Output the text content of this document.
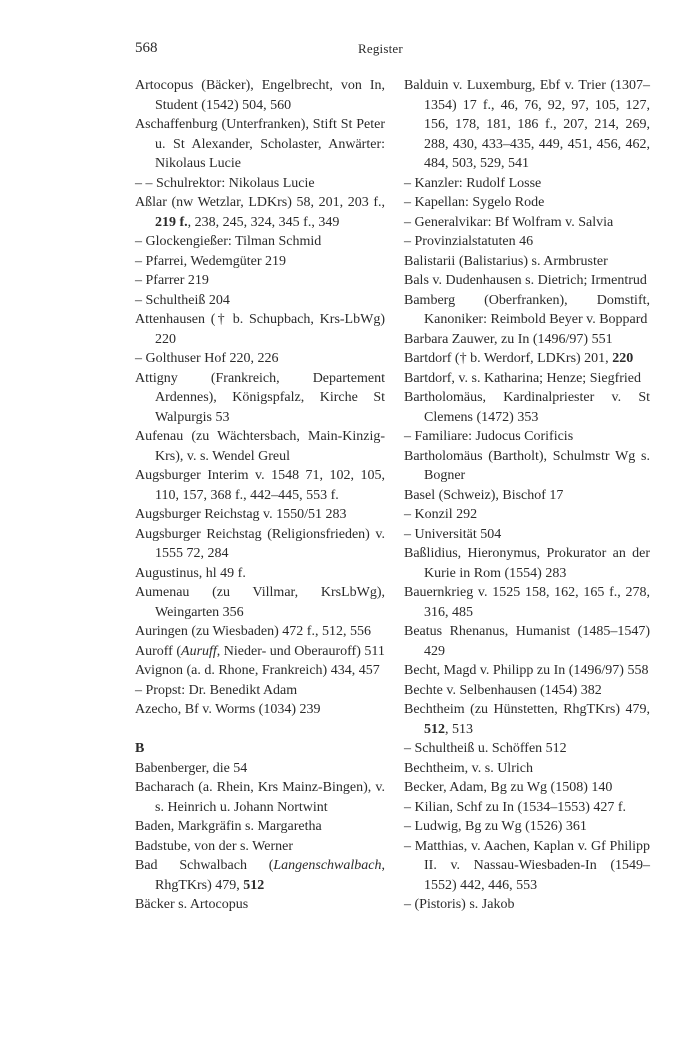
568	Register

Artocopus (Bäcker), Engelbrecht, von In, Student (1542) 504, 560

Aschaffenburg (Unterfranken), Stift St Peter u. St Alexander, Scholaster, Anwärter: Nikolaus Lucie

– – Schulrektor: Nikolaus Lucie

Aßlar (nw Wetzlar, LDKrs) 58, 201, 203 f., 219 f., 238, 245, 324, 345 f., 349

– Glockengießer: Tilman Schmid

– Pfarrei, Wedemgüter 219

– Pfarrer 219

– Schultheiß 204

Attenhausen († b. Schupbach, Krs-LbWg) 220

– Golthuser Hof 220, 226

Attigny (Frankreich, Departement Ardennes), Königspfalz, Kirche St Walpurgis 53

Aufenau (zu Wächtersbach, Main-Kinzig-Krs), v. s. Wendel Greul

Augsburger Interim v. 1548 71, 102, 105, 110, 157, 368 f., 442–445, 553 f.

Augsburger Reichstag v. 1550/51 283

Augsburger Reichstag (Religionsfrieden) v. 1555 72, 284

Augustinus, hl 49 f.

Aumenau (zu Villmar, KrsLbWg), Weingarten 356

Auringen (zu Wiesbaden) 472 f., 512, 556

Auroff (Auruff, Nieder- und Oberauroff) 511

Avignon (a. d. Rhone, Frankreich) 434, 457

– Propst: Dr. Benedikt Adam

Azecho, Bf v. Worms (1034) 239

B

Babenberger, die 54

Bacharach (a. Rhein, Krs Mainz-Bingen), v. s. Heinrich u. Johann Nortwint

Baden, Markgräfin s. Margaretha

Badstube, von der s. Werner

Bad Schwalbach (Langenschwalbach, RhgTKrs) 479, 512

Bäcker s. Artocopus

Balduin v. Luxemburg, Ebf v. Trier (1307–1354) 17 f., 46, 76, 92, 97, 105, 127, 156, 178, 181, 186 f., 207, 214, 269, 288, 430, 433–435, 449, 451, 456, 462, 484, 503, 529, 541

– Kanzler: Rudolf Losse

– Kapellan: Sygelo Rode

– Generalvikar: Bf Wolfram v. Salvia

– Provinzialstatuten 46

Balistarii (Balistarius) s. Armbruster

Bals v. Dudenhausen s. Dietrich; Irmentrud

Bamberg (Oberfranken), Domstift, Kanoniker: Reimbold Beyer v. Boppard

Barbara Zauwer, zu In (1496/97) 551

Bartdorf († b. Werdorf, LDKrs) 201, 220

Bartdorf, v. s. Katharina; Henze; Siegfried

Bartholomäus, Kardinalpriester v. St Clemens (1472) 353

– Familiare: Judocus Corificis

Bartholomäus (Bartholt), Schulmstr Wg s. Bogner

Basel (Schweiz), Bischof 17

– Konzil 292

– Universität 504

Baßlidius, Hieronymus, Prokurator an der Kurie in Rom (1554) 283

Bauernkrieg v. 1525 158, 162, 165 f., 278, 316, 485

Beatus Rhenanus, Humanist (1485–1547) 429

Becht, Magd v. Philipp zu In (1496/97) 558

Bechte v. Selbenhausen (1454) 382

Bechtheim (zu Hünstetten, RhgTKrs) 479, 512, 513

– Schultheiß u. Schöffen 512

Bechtheim, v. s. Ulrich

Becker, Adam, Bg zu Wg (1508) 140

– Kilian, Schf zu In (1534–1553) 427 f.

– Ludwig, Bg zu Wg (1526) 361

– Matthias, v. Aachen, Kaplan v. Gf Philipp II. v. Nassau-Wiesbaden-In (1549–1552) 442, 446, 553

– (Pistoris) s. Jakob
